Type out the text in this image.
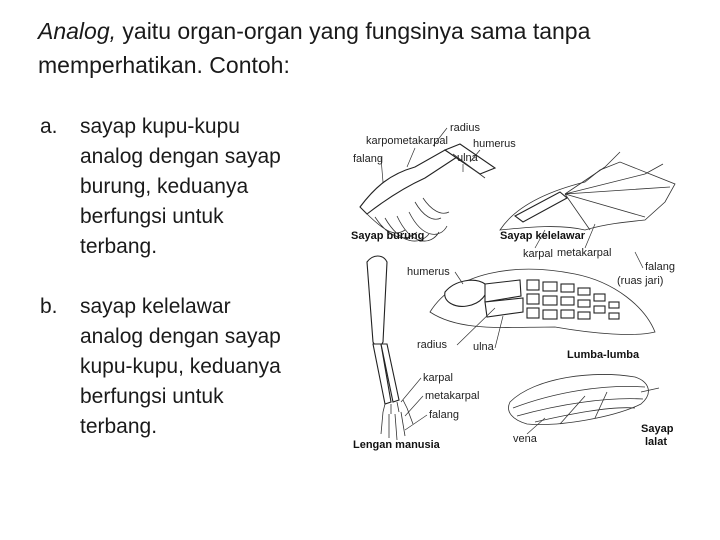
Analog, yaitu organ-organ yang fungsinya sama tanpa memperhatikan. Contoh:
a.	sayap kupu-kupu analog dengan sayap burung, keduanya berfungsi untuk terbang.
b.	sayap kelelawar analog dengan sayap kupu-kupu, keduanya berfungsi untuk terbang.
radius
karpometakarpal humerus
falang	ulna
Sayap burung	Sayap kelelawar
karpal metakarpal
falang
(ruas jari)
humerus
radius ulna
Lumba-lumba
karpal
metakarpal
falang
Lengan manusia	vena
Sayap
lalat
